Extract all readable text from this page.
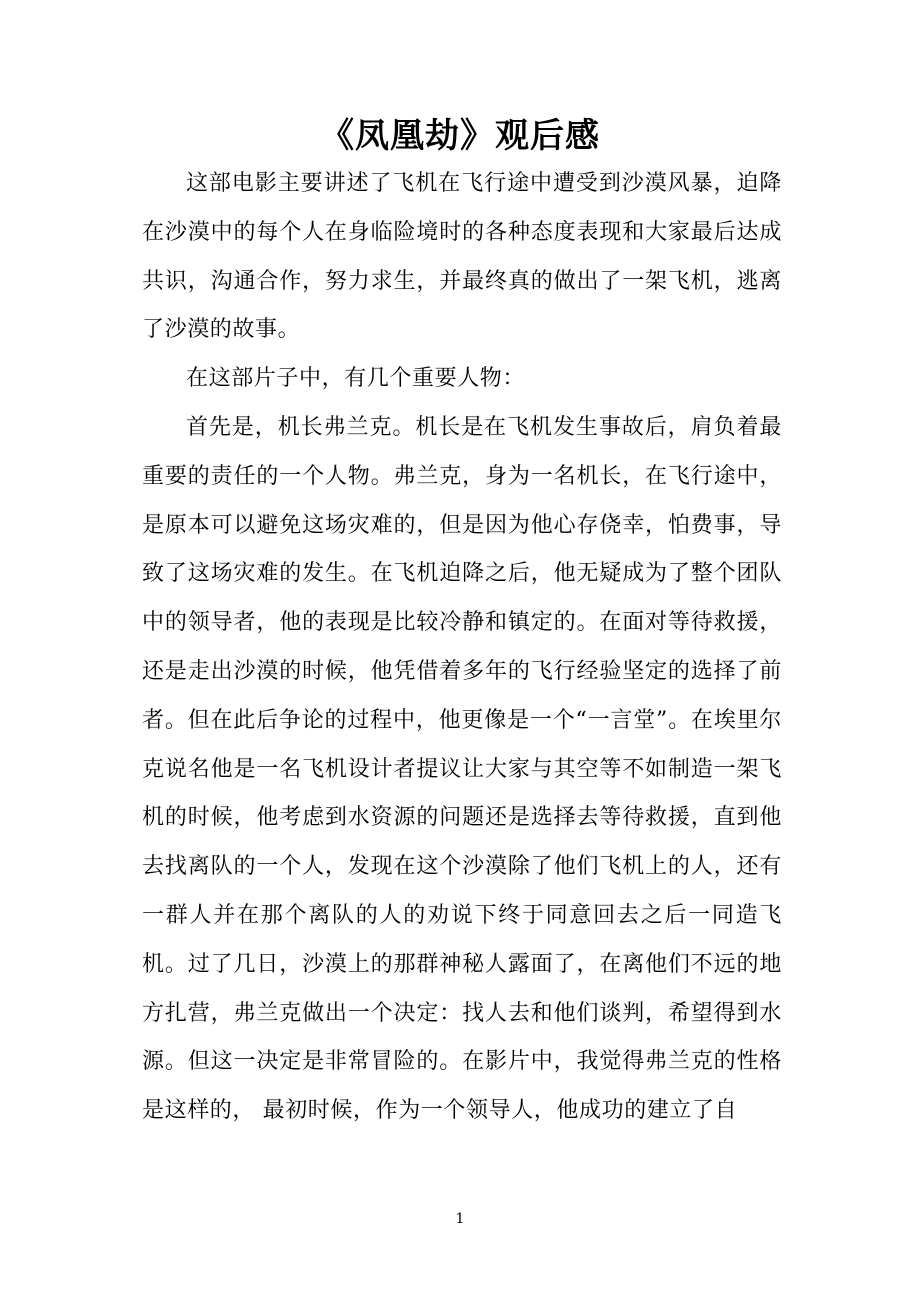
《凤凰劫》观后感

这部电影主要讲述了飞机在飞行途中遭受到沙漠风暴，迫降在沙漠中的每个人在身临险境时的各种态度表现和大家最后达成共识，沟通合作，努力求生，并最终真的做出了一架飞机，逃离了沙漠的故事。

在这部片子中，有几个重要人物：

首先是，机长弗兰克。机长是在飞机发生事故后，肩负着最重要的责任的一个人物。弗兰克，身为一名机长，在飞行途中，是原本可以避免这场灾难的，但是因为他心存侥幸，怕费事，导致了这场灾难的发生。在飞机迫降之后，他无疑成为了整个团队中的领导者，他的表现是比较冷静和镇定的。在面对等待救援，还是走出沙漠的时候，他凭借着多年的飞行经验坚定的选择了前者。但在此后争论的过程中，他更像是一个“一言堂”。在埃里尔克说名他是一名飞机设计者提议让大家与其空等不如制造一架飞机的时候，他考虑到水资源的问题还是选择去等待救援，直到他去找离队的一个人，发现在这个沙漠除了他们飞机上的人，还有一群人并在那个离队的人的劝说下终于同意回去之后一同造飞机。过了几日，沙漠上的那群神秘人露面了，在离他们不远的地方扎营，弗兰克做出一个决定：找人去和他们谈判，希望得到水源。但这一决定是非常冒险的。在影片中，我觉得弗兰克的性格是这样的， 最初时候，作为一个领导人，他成功的建立了自

1
